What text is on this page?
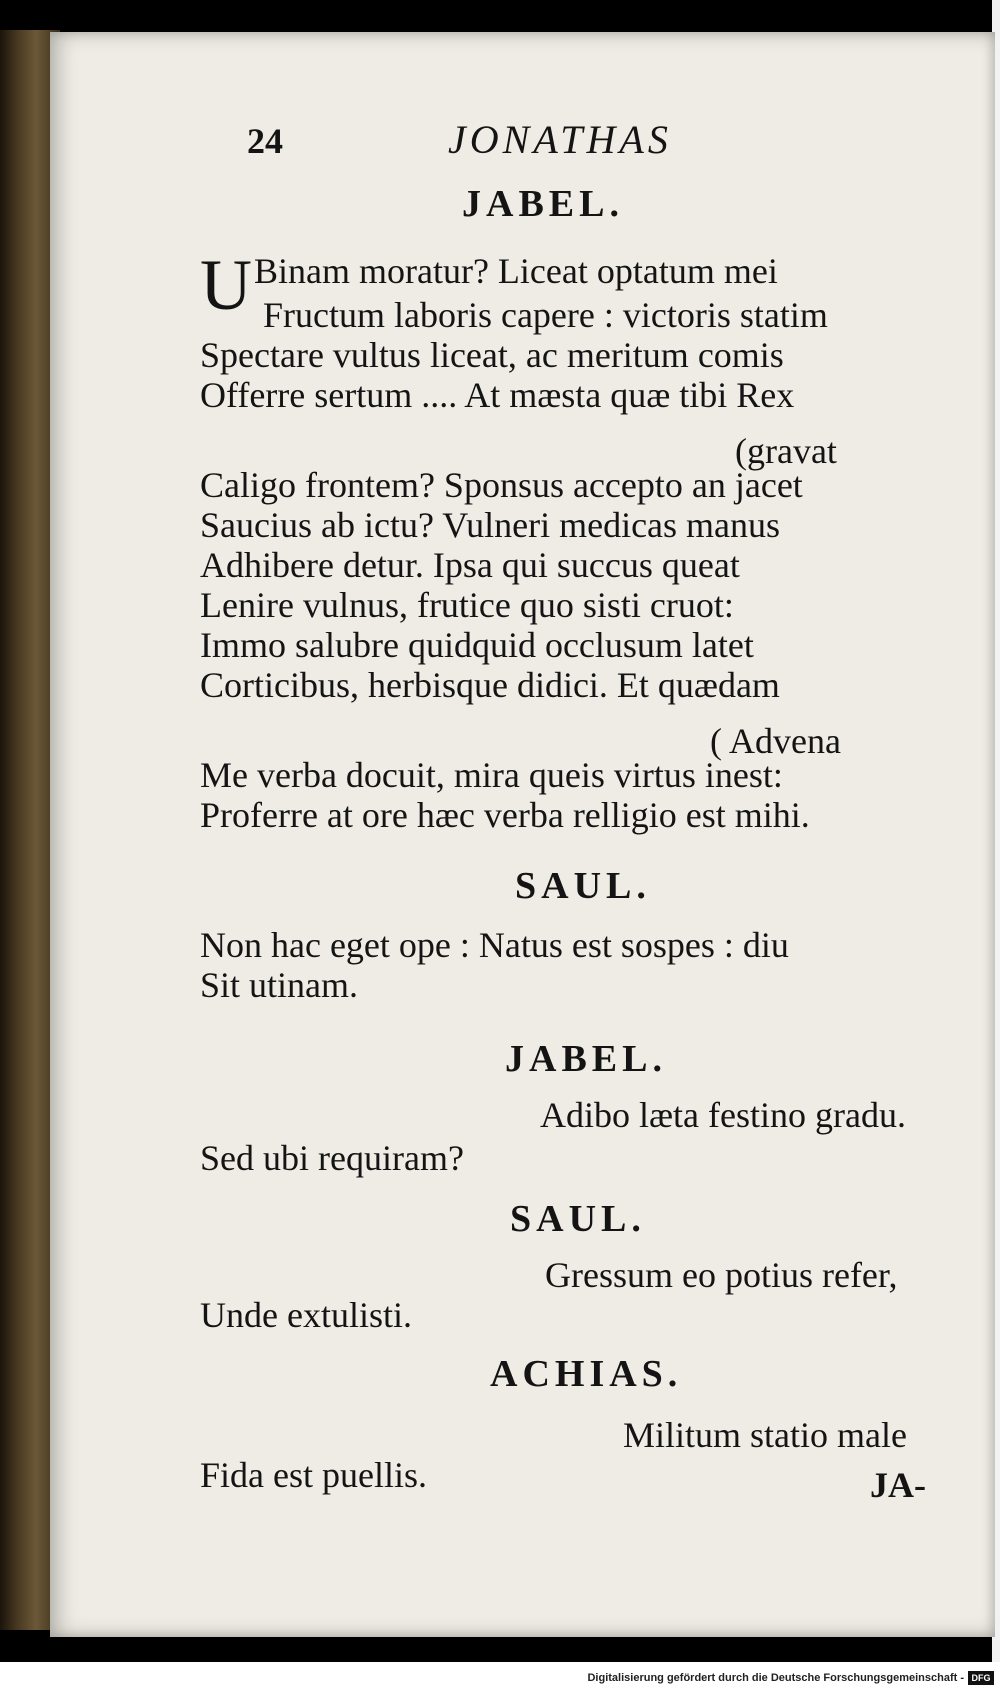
24	JONATHAS
JABEL.
UBinam moratur? Liceat optatum mei
Fructum laboris capere : victoris statim
Spectare vultus liceat, ac meritum comis
Offerre sertum .... At mæsta quæ tibi Rex
(gravat
Caligo frontem? Sponsus accepto an jacet
Saucius ab ictu? Vulneri medicas manus
Adhibere detur. Ipsa qui succus queat
Lenire vulnus, frutice quo sisti cruot:
Immo salubre quidquid occlusum latet
Corticibus, herbisque didici. Et quædam
( Advena
Me verba docuit, mira queis virtus inest:
Proferre at ore hæc verba relligio est mihi.
SAUL.
Non hac eget ope : Natus est sospes : diu
Sit utinam.
JABEL.
Adibo læta festino gradu.
Sed ubi requiram?
SAUL.
Gressum eo potius refer,
Unde extulisti.
ACHIAS.
Militum statio male
Fida est puellis.	JA-
Digitalisierung gefördert durch die Deutsche Forschungsgemeinschaft - DFG
